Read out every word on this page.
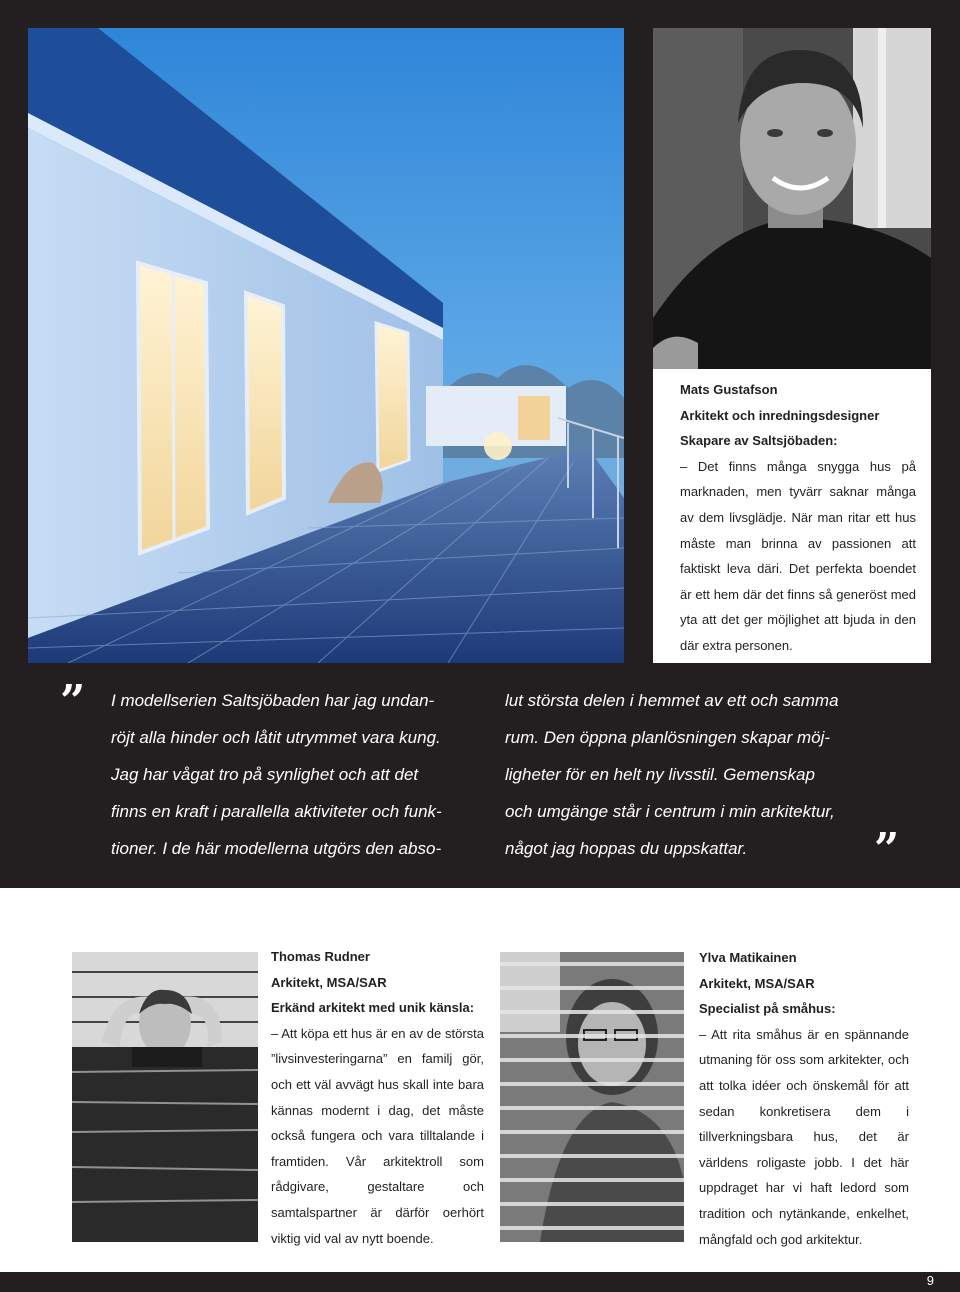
Mats Gustafson
Arkitekt och inredningsdesigner
Skapare av Saltsjöbaden:

– Det finns många snygga hus på marknaden, men tyvärr saknar många av dem livsglädje. När man ritar ett hus måste man brinna av passionen att faktiskt leva däri. Det perfekta boendet är ett hem där det finns så generöst med yta att det ger möjlighet att bjuda in den där extra personen.

” I modellserien Saltsjöbaden har jag undan-
röjt alla hinder och låtit utrymmet vara kung.
Jag har vågat tro på synlighet och att det
finns en kraft i parallella aktiviteter och funk-
tioner. I de här modellerna utgörs den abso-
lut största delen i hemmet av ett och samma
rum. Den öppna planlösningen skapar möj-
ligheter för en helt ny livsstil. Gemenskap
och umgänge står i centrum i min arkitektur,
något jag hoppas du uppskattar.	”
Thomas Rudner
Arkitekt, MSA/SAR
Erkänd arkitekt med unik känsla:

– Att köpa ett hus är en av de största ”livsinvesteringarna” en familj gör, och ett väl avvägt hus skall inte bara kännas modernt i dag, det måste också fungera och vara tilltalande i framtiden. Vår arkitektroll som rådgivare, gestaltare och samtalspartner är därför oerhört viktig vid val av nytt boende.

Ylva Matikainen
Arkitekt, MSA/SAR
Specialist på småhus:

– Att rita småhus är en spännande utmaning för oss som arkitekter, och att tolka idéer och önskemål för att sedan konkretisera dem i tillverkningsbara hus, det är världens roligaste jobb. I det här uppdraget har vi haft ledord som tradition och nytänkande, enkelhet, mångfald och god arkitektur.

9
